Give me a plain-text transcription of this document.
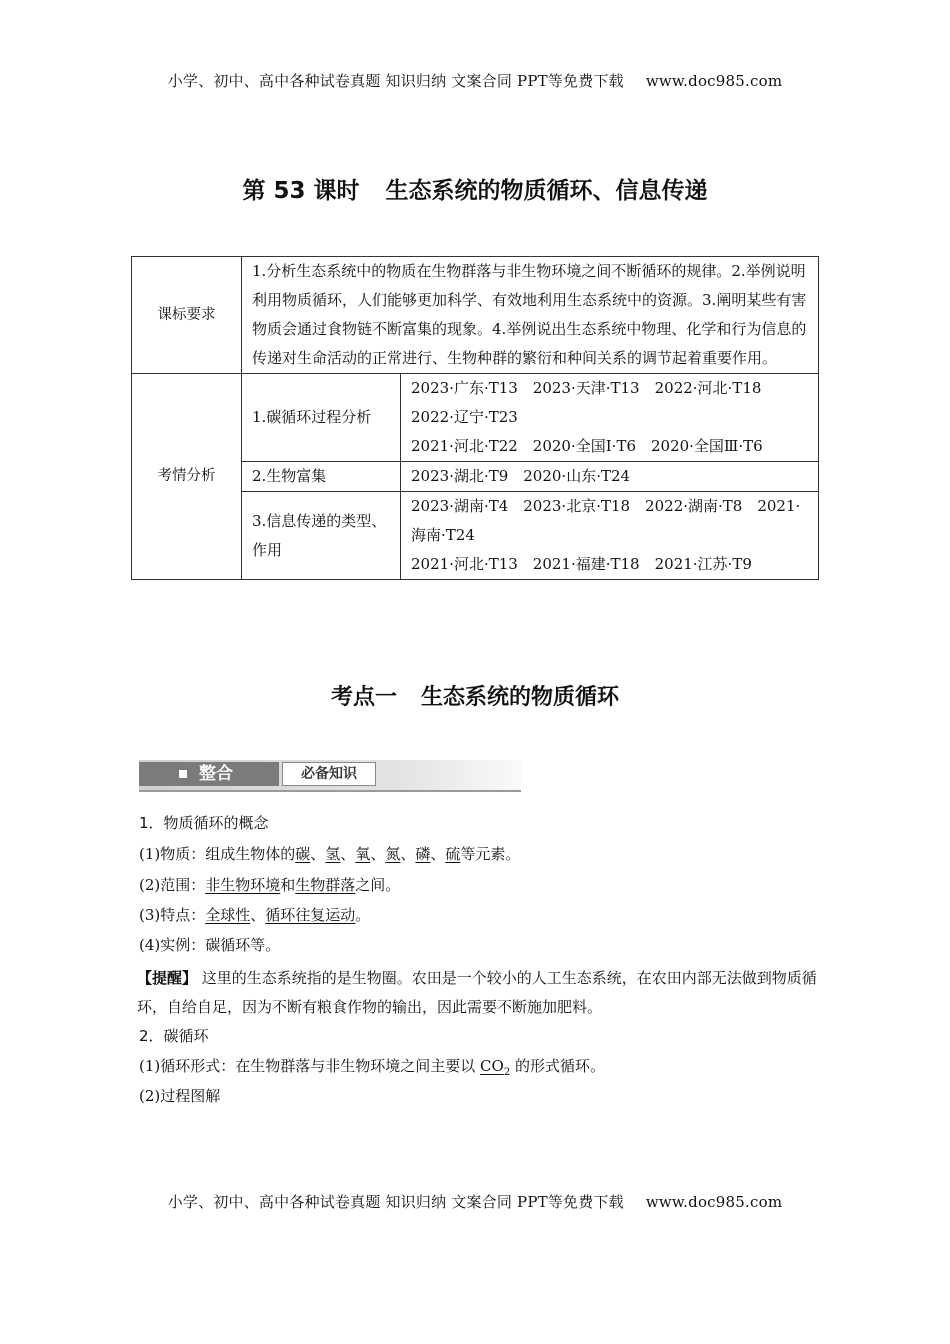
小学、初中、高中各种试卷真题 知识归纳 文案合同 PPT等免费下载 www.doc985.com
第 53 课时 生态系统的物质循环、信息传递
课标要求	1.分析生态系统中的物质在生物群落与非生物环境之间不断循环的规律。2.举例说明利用物质循环，人们能够更加科学、有效地利用生态系统中的资源。3.阐明某些有害物质会通过食物链不断富集的现象。4.举例说出生态系统中物理、化学和行为信息的传递对生命活动的正常进行、生物种群的繁衍和种间关系的调节起着重要作用。	
考情分析	1.碳循环过程分析	2023·广东·T13　2023·天津·T13　2022·河北·T18
2022·辽宁·T23
2021·河北·T22　2020·全国Ⅰ·T6　2020·全国Ⅲ·T6

	2.生物富集	2023·湖北·T9　2020·山东·T24

	3.信息传递的类型、作用	2023·湖南·T4　2023·北京·T18　2022·湖南·T8　2021·
海南·T24
2021·河北·T13　2021·福建·T18　2021·江苏·T9
考点一 生态系统的物质循环
整合	必备知识
1．物质循环的概念
(1)物质：组成生物体的碳、氢、氧、氮、磷、硫等元素。
(2)范围：非生物环境和生物群落之间。
(3)特点：全球性、循环往复运动。
(4)实例：碳循环等。
【提醒】 这里的生态系统指的是生物圈。农田是一个较小的人工生态系统，在农田内部无法做到物质循环，自给自足，因为不断有粮食作物的输出，因此需要不断施加肥料。
2．碳循环
(1)循环形式：在生物群落与非生物环境之间主要以 $CO_2$ 的形式循环。
(2)过程图解
小学、初中、高中各种试卷真题 知识归纳 文案合同 PPT等免费下载 www.doc985.com
